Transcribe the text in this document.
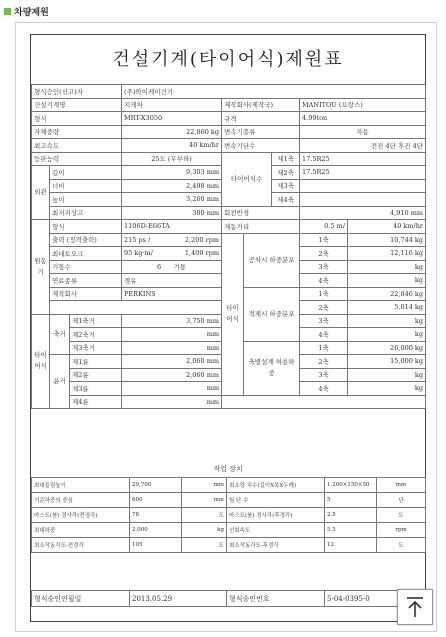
차량제원
건설기계(타이어식)제원표
형식승인(신고)자			(주)와이케이건기					
건설기계명			지게차	제작회사(제작국)			MANITOU (프랑스)	
형식			MRT-X3050	규격			4.99ton	
자체중량			22,860 kg	변속기종류			자동	
최고속도			40 km/hr	변속기단수			전진 4단 후진 4단	
등판능력			25도 (무부하)	타이어치수		제1축	17.5R25	
외관	길이		9,303 mm			제2축	17.5R25	
	너비		2,498 mm			제3축		
	높이		3,260 mm			제4축		
	최저지상고		380 mm	회전반경			4,910 mm	
원동기	형식		1106D-E66TA	제동거리			0.5 m/	40 km/hr
	출력 (정격출력)		215 ps / 2,200 rpm	타이어식	공차시 하중분포		1축	10,744 kg
	최대토오크		95 kg·m/ 1,400 rpm				2축	12,116 kg
	기통수		6 기통				3축	kg
	연료종류		경유				4축	kg
	제작회사		PERKINS		적재시 하중분포		1축	22,846 kg
							2축	5,014 kg
타이어식	축거	제1축거	3,750 mm				3축	kg
		제2축거	mm				4축	kg
		제3축거	mm		축별설계 허용하중		1축	26,000 kg
	윤거	제1륜	2,060 mm				2축	15,000 kg
		제2륜	2,060 mm				3축	kg
		제3륜	mm				4축	kg
		제4륜	mm					
작업 장치
최대들림높이	29,700	mm	최소깡 치수(길이X폭X두께)	1,200×150×50	mm
기준하중의 중심	600	mm	틸 단 수	5	단
마스트(붐) 경사각(전경각)	78	도	마스트(붐) 경사각(후경각)	2.5	도
최대하중	2,000	kg	선회속도	5.5	rpm
최소작동각도-전경각	105	도	최소작동각도-후경각	12	도
형식승인연월일	2013.05.29	형식승인번호	5-04-0395-0
